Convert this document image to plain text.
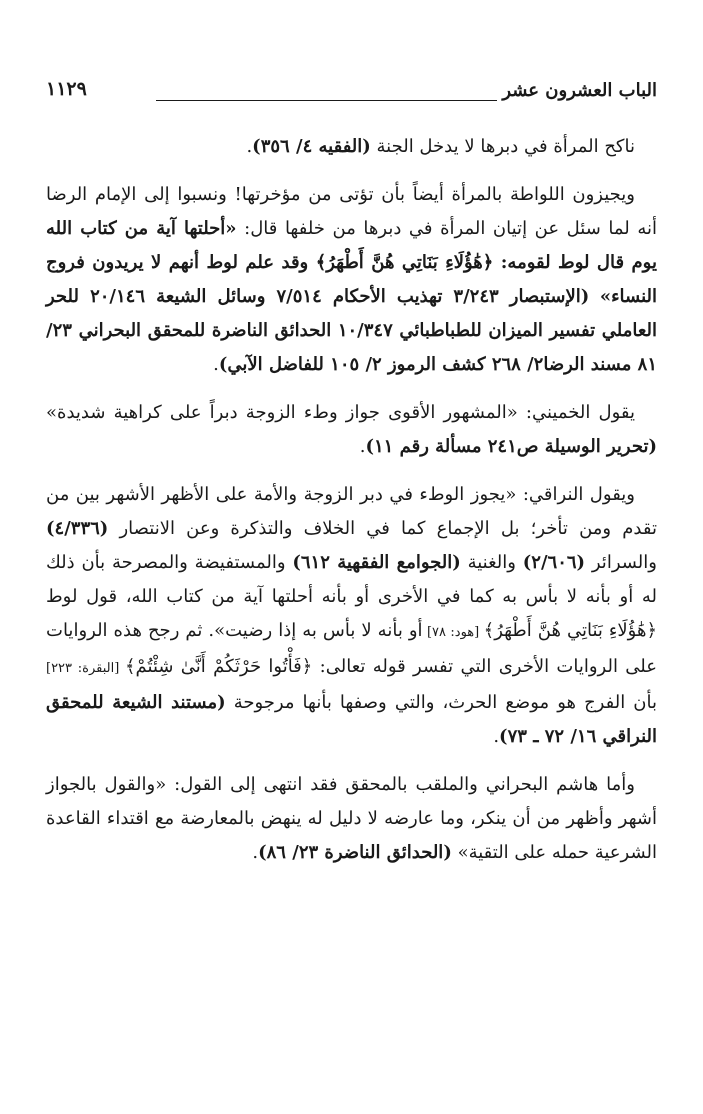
الباب العشرون عشر
١١٢٩

ناكح المرأة في دبرها لا يدخل الجنة (الفقيه ٤/ ٣٥٦).

ويجيزون اللواطة بالمرأة أيضاً بأن تؤتى من مؤخرتها! ونسبوا إلى الإمام الرضا أنه لما سئل عن إتيان المرأة في دبرها من خلفها قال: «أحلتها آية من كتاب الله يوم قال لوط لقومه: ﴿هَٰؤُلَاءِ بَنَاتِي هُنَّ أَطْهَرُ﴾ وقد علم لوط أنهم لا يريدون فروج النساء» (الإستبصار ٣/٢٤٣ تهذيب الأحكام ٧/٥١٤ وسائل الشيعة ٢٠/١٤٦ للحر العاملي تفسير الميزان للطباطبائي ١٠/٣٤٧ الحدائق الناضرة للمحقق البحراني ٢٣/ ٨١ مسند الرضا٢/ ٢٦٨ كشف الرموز ٢/ ١٠٥ للفاضل الآبي).

يقول الخميني: «المشهور الأقوى جواز وطء الزوجة دبراً على كراهية شديدة» (تحرير الوسيلة ص٢٤١ مسألة رقم ١١).

ويقول النراقي: «يجوز الوطء في دبر الزوجة والأمة على الأظهر الأشهر بين من تقدم ومن تأخر؛ بل الإجماع كما في الخلاف والتذكرة وعن الانتصار (٤/٣٣٦) والسرائر (٢/٦٠٦) والغنية (الجوامع الفقهية ٦١٢) والمستفيضة والمصرحة بأن ذلك له أو بأنه لا بأس به كما في الأخرى أو بأنه أحلتها آية من كتاب الله، قول لوط ﴿هَٰؤُلَاءِ بَنَاتِي هُنَّ أَطْهَرُ﴾ [هود: ٧٨] أو بأنه لا بأس به إذا رضيت». ثم رجح هذه الروايات على الروايات الأخرى التي تفسر قوله تعالى: ﴿فَأْتُوا حَرْثَكُمْ أَنَّىٰ شِئْتُمْ﴾ [البقرة: ٢٢٣] بأن الفرج هو موضع الحرث، والتي وصفها بأنها مرجوحة (مستند الشيعة للمحقق النراقي ١٦/ ٧٢ ـ ٧٣).

وأما هاشم البحراني والملقب بالمحقق فقد انتهى إلى القول: «والقول بالجواز أشهر وأظهر من أن ينكر، وما عارضه لا دليل له ينهض بالمعارضة مع اقتداء القاعدة الشرعية حمله على التقية» (الحدائق الناضرة ٢٣/ ٨٦).
